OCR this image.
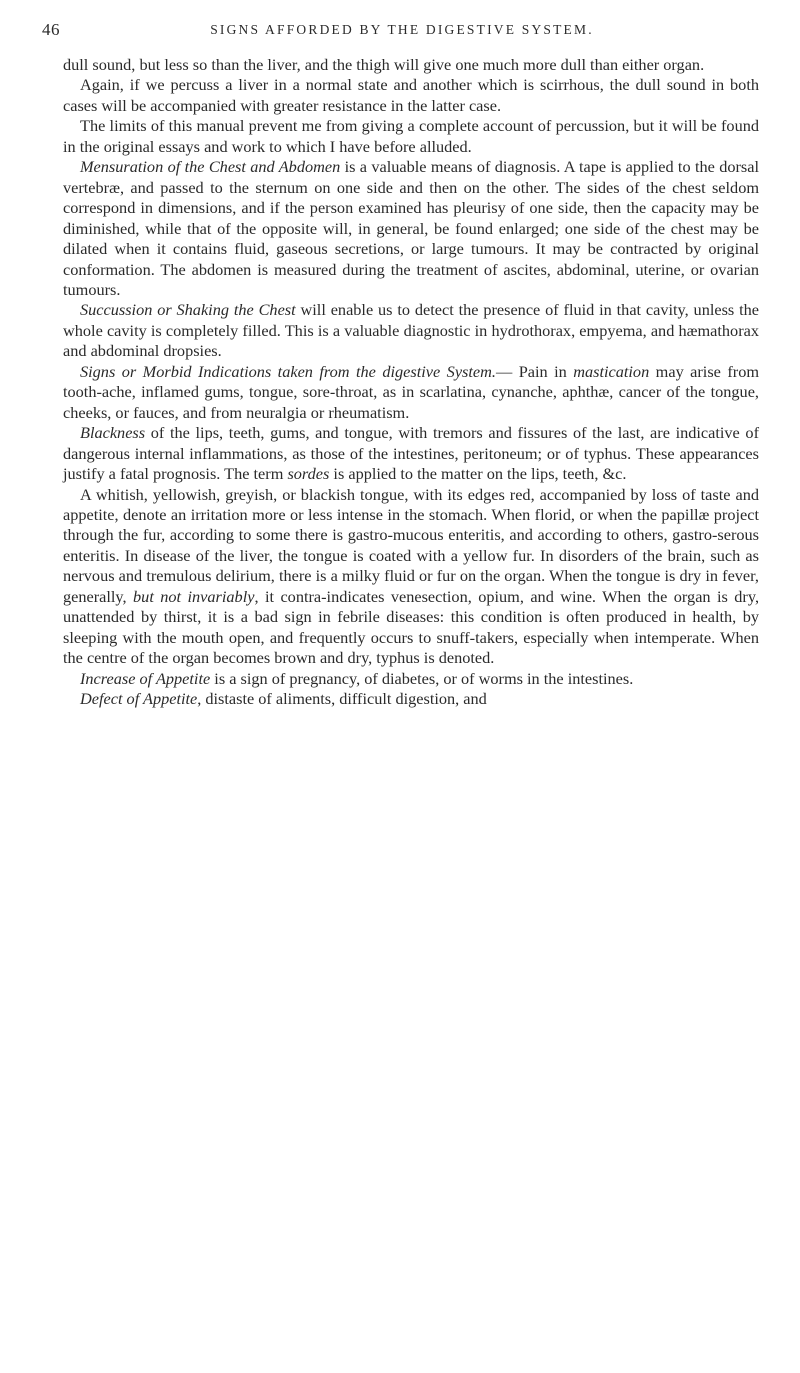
46	SIGNS AFFORDED BY THE DIGESTIVE SYSTEM.

dull sound, but less so than the liver, and the thigh will give one much more dull than either organ.

Again, if we percuss a liver in a normal state and another which is scirrhous, the dull sound in both cases will be accompanied with greater resistance in the latter case.

The limits of this manual prevent me from giving a complete account of percussion, but it will be found in the original essays and work to which I have before alluded.

Mensuration of the Chest and Abdomen is a valuable means of diagnosis. A tape is applied to the dorsal vertebræ, and passed to the sternum on one side and then on the other. The sides of the chest seldom correspond in dimensions, and if the person examined has pleurisy of one side, then the capacity may be diminished, while that of the opposite will, in general, be found enlarged; one side of the chest may be dilated when it contains fluid, gaseous secretions, or large tumours. It may be contracted by original conformation. The abdomen is measured during the treatment of ascites, abdominal, uterine, or ovarian tumours.

Succussion or Shaking the Chest will enable us to detect the presence of fluid in that cavity, unless the whole cavity is completely filled. This is a valuable diagnostic in hydrothorax, empyema, and hæmathorax and abdominal dropsies.

Signs or Morbid Indications taken from the digestive System.— Pain in mastication may arise from tooth-ache, inflamed gums, tongue, sore-throat, as in scarlatina, cynanche, aphthæ, cancer of the tongue, cheeks, or fauces, and from neuralgia or rheumatism.

Blackness of the lips, teeth, gums, and tongue, with tremors and fissures of the last, are indicative of dangerous internal inflammations, as those of the intestines, peritoneum; or of typhus. These appearances justify a fatal prognosis. The term sordes is applied to the matter on the lips, teeth, &c.

A whitish, yellowish, greyish, or blackish tongue, with its edges red, accompanied by loss of taste and appetite, denote an irritation more or less intense in the stomach. When florid, or when the papillæ project through the fur, according to some there is gastro-mucous enteritis, and according to others, gastro-serous enteritis. In disease of the liver, the tongue is coated with a yellow fur. In disorders of the brain, such as nervous and tremulous delirium, there is a milky fluid or fur on the organ. When the tongue is dry in fever, generally, but not invariably, it contra-indicates venesection, opium, and wine. When the organ is dry, unattended by thirst, it is a bad sign in febrile diseases: this condition is often produced in health, by sleeping with the mouth open, and frequently occurs to snuff-takers, especially when intemperate. When the centre of the organ becomes brown and dry, typhus is denoted.

Increase of Appetite is a sign of pregnancy, of diabetes, or of worms in the intestines.

Defect of Appetite, distaste of aliments, difficult digestion, and
